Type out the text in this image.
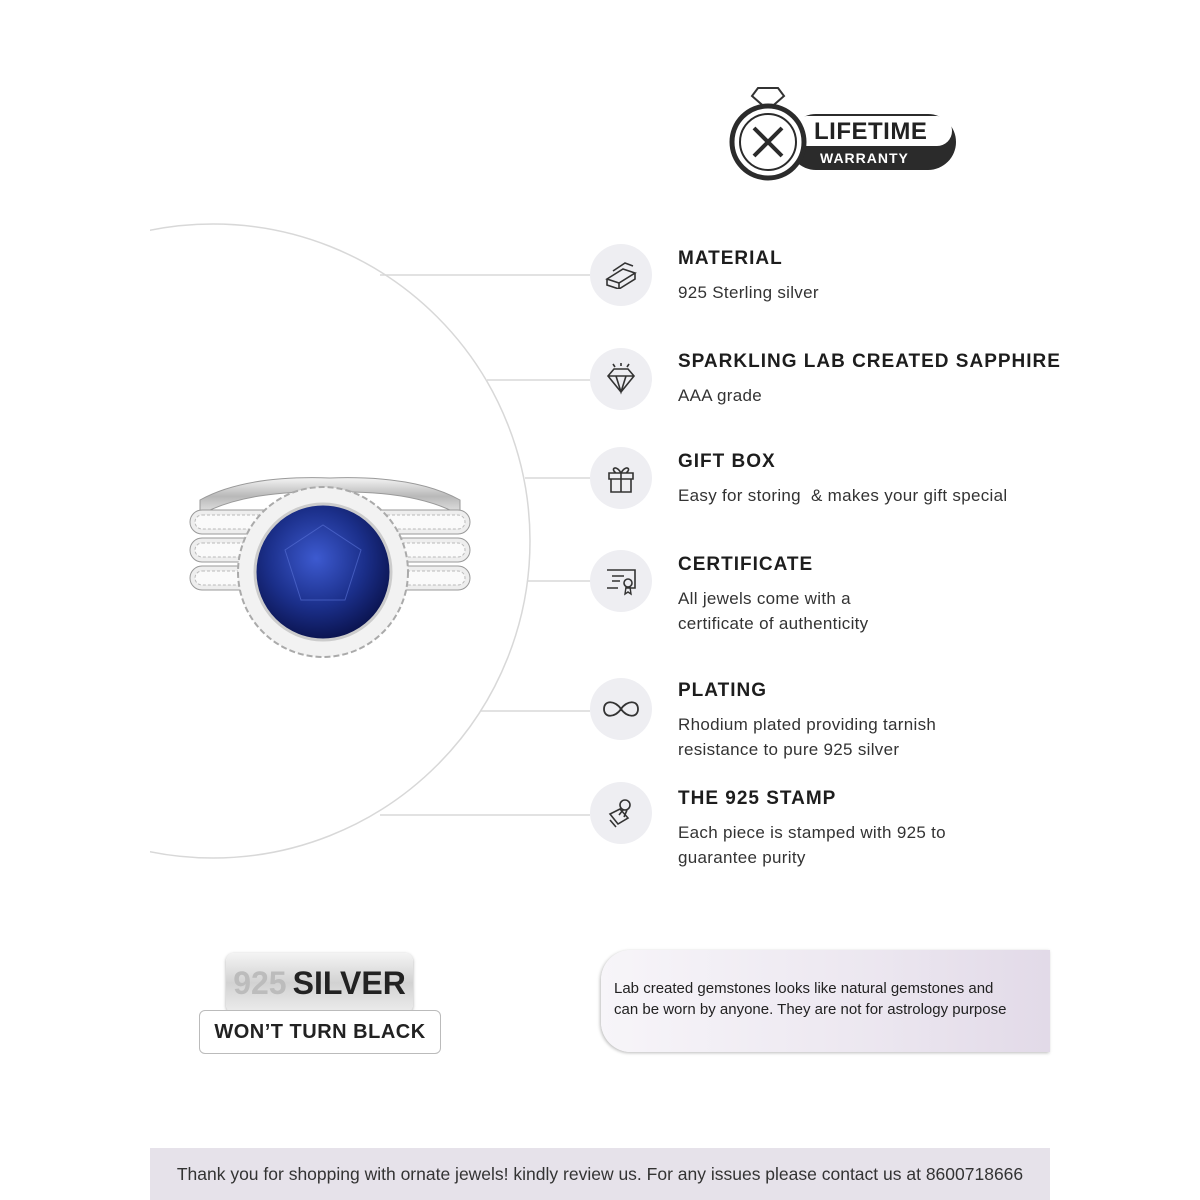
LIFETIME
WARRANTY
MATERIAL

925 Sterling silver

SPARKLING LAB CREATED SAPPHIRE

AAA grade

GIFT BOX

Easy for storing  & makes your gift special

CERTIFICATE

All jewels come with a

certificate of authenticity

PLATING

Rhodium plated providing tarnish

resistance to pure 925 silver

THE 925 STAMP

Each piece is stamped with 925 to

guarantee purity

925 SILVER
WON’T TURN BLACK
Lab created gemstones looks like natural gemstones and
can be worn by anyone. They are not for astrology purpose
Thank you for shopping with ornate jewels! kindly review us. For any issues please contact us at 8600718666
